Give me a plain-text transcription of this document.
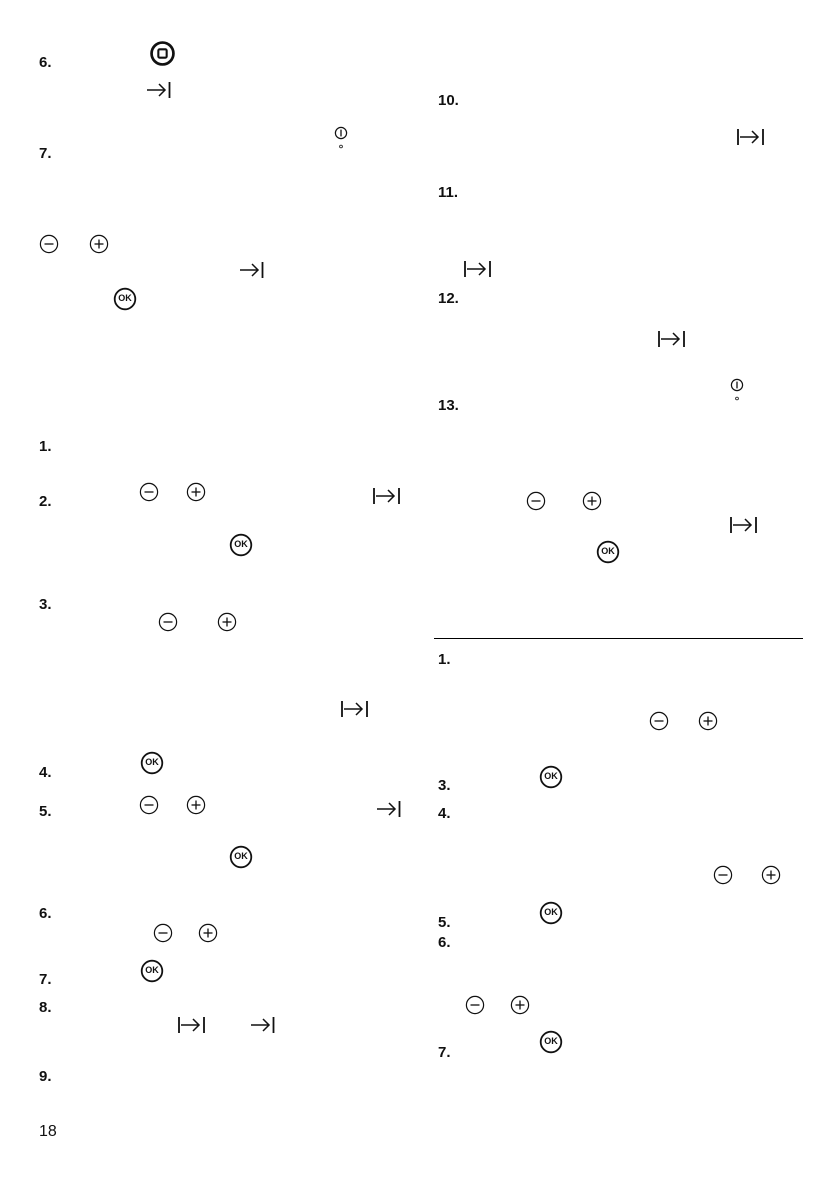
6.
7.
OK
1.
2.
OK
3.
4.
OK
5.
OK
6.
7.
OK
8.
9.
18
10.
11.
12.
13.
OK
1.
3.
OK
4.
5.
OK
6.
7.
OK
